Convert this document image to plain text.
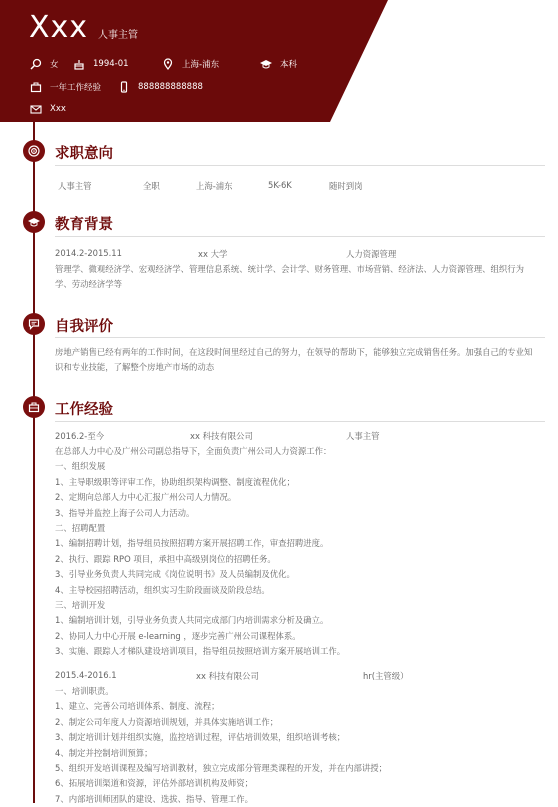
Xxx 人事主管
女	1994-01	上海-浦东	本科
一年工作经验	888888888888
Xxx
求职意向
人事主管	全职	上海-浦东	5K-6K	随时到岗
教育背景
2014.2-2015.11	xx 大学	人力资源管理
管理学、微观经济学、宏观经济学、管理信息系统、统计学、会计学、财务管理、市场营销、经济法、人力资源管理、组织行为学、劳动经济学等
自我评价
房地产销售已经有两年的工作时间，在这段时间里经过自己的努力，在领导的帮助下，能够独立完成销售任务。加强自己的专业知识和专业技能，了解整个房地产市场的动态
工作经验
2016.2-至今	xx 科技有限公司	人事主管
在总部人力中心及广州公司副总指导下，全面负责广州公司人力资源工作：
一、组织发展
1、主导职级职等评审工作，协助组织架构调整、制度流程优化；
2、定期向总部人力中心汇报广州公司人力情况。
3、指导并监控上海子公司人力活动。
二、招聘配置
1、编制招聘计划，指导组员按照招聘方案开展招聘工作，审查招聘进度。
2、执行、跟踪 RPO 项目，承担中高级别岗位的招聘任务。
3、引导业务负责人共同完成《岗位说明书》及人员编制及优化。
4、主导校园招聘活动，组织实习生阶段面谈及阶段总结。
三、培训开发
1、编制培训计划，引导业务负责人共同完成部门内培训需求分析及确立。
2、协同人力中心开展 e-learning ，逐步完善广州公司课程体系。
3、实施、跟踪人才梯队建设培训项目，指导组员按照培训方案开展培训工作。
2015.4-2016.1	xx 科技有限公司	hr(主管级）
一、培训职责。
1、建立、完善公司培训体系、制度、流程；
2、制定公司年度人力资源培训规划，并具体实施培训工作；
3、制定培训计划并组织实施，监控培训过程，评估培训效果，组织培训考核；
4、制定并控制培训预算；
5、组织开发培训课程及编写培训教材，独立完成部分管理类课程的开发，并在内部讲授；
6、拓展培训渠道和资源，评估外部培训机构及师资；
7、内部培训师团队的建设、选拔、指导、管理工作。
